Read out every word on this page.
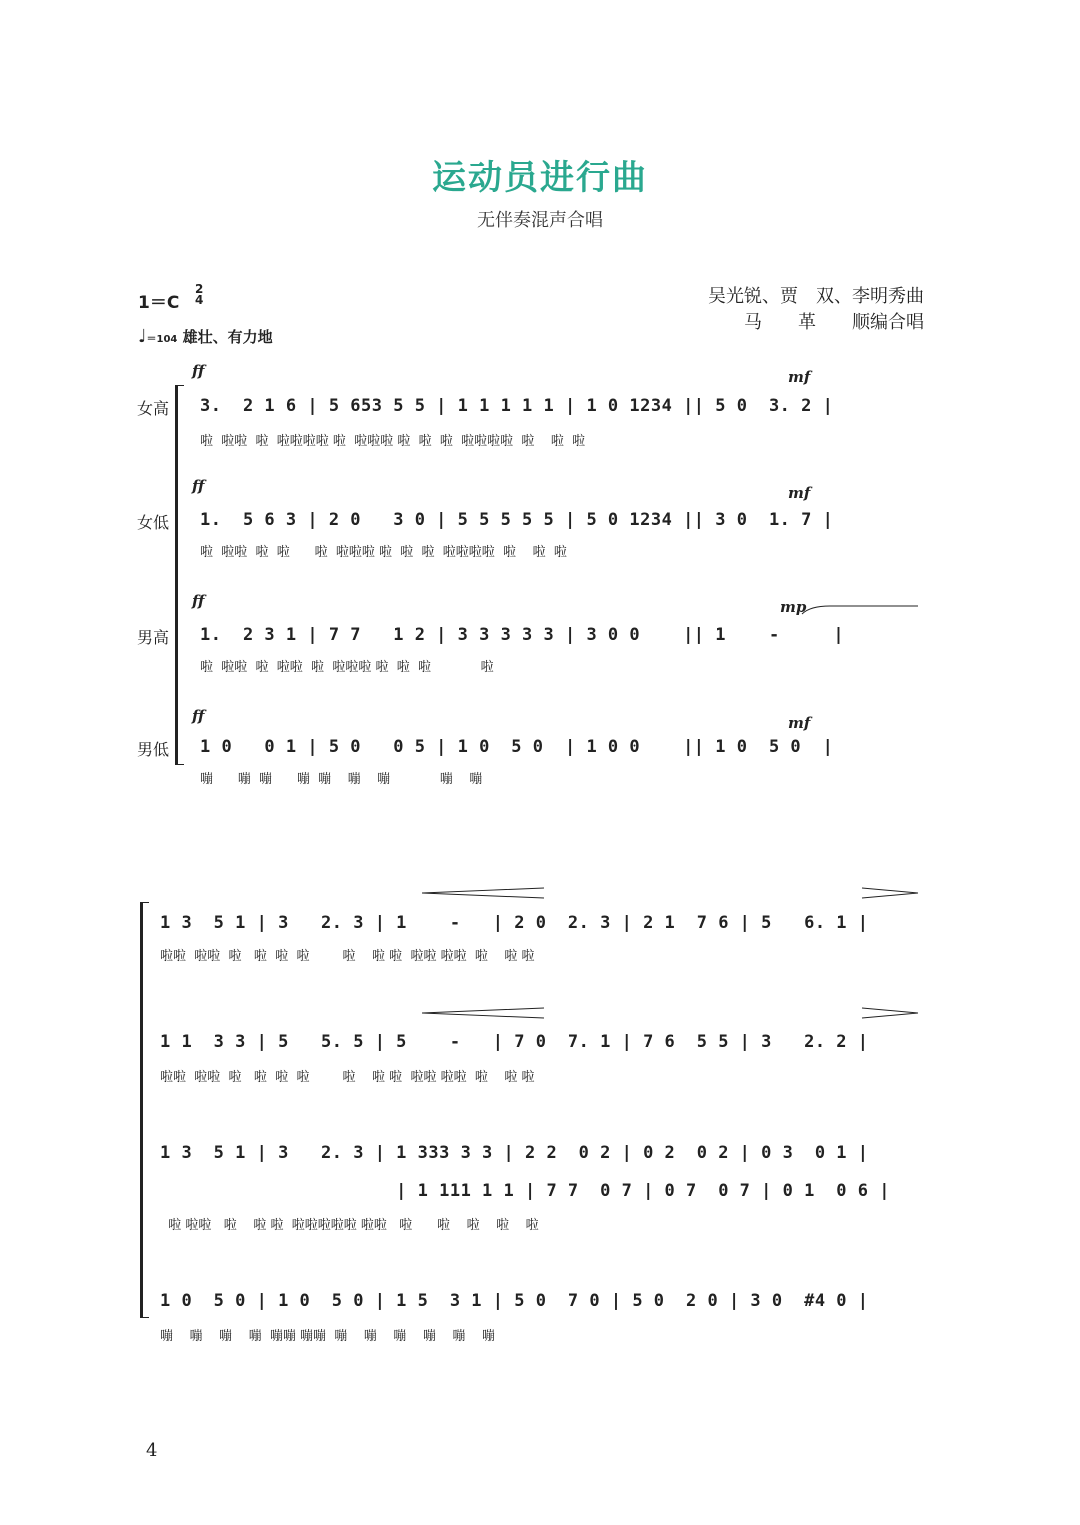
运动员进行曲
无伴奏混声合唱
1＝C
2
4
♩＝104 雄壮、有力地
吴光锐、贾　双、李明秀曲
马　　革　　顺编合唱
女高
女低
男高
男低
ff
ff
ff
ff
mf
mf
mp
mf
3.  2 1 6 | 5 653 5 5 | 1 1 1 1 1 | 1 0 1234 || 5 0  3. 2 |
啦  啦啦  啦  啦啦啦啦 啦  啦啦啦 啦  啦  啦  啦啦啦啦  啦    啦  啦
1.  5 6 3 | 2 0   3 0 | 5 5 5 5 5 | 5 0 1234 || 3 0  1. 7 |
啦  啦啦  啦  啦      啦  啦啦啦 啦  啦  啦  啦啦啦啦  啦    啦  啦
1.  2 3 1 | 7 7   1 2 | 3 3 3 3 3 | 3 0 0    || 1    -     |
啦  啦啦  啦  啦啦  啦  啦啦啦 啦  啦  啦            啦
1 0   0 1 | 5 0   0 5 | 1 0  5 0  | 1 0 0    || 1 0  5 0  |
嘣      嘣  嘣      嘣  嘣    嘣    嘣            嘣    嘣
1 3  5 1 | 3   2. 3 | 1    -   | 2 0  2. 3 | 2 1  7 6 | 5   6. 1 |
啦啦  啦啦  啦   啦  啦  啦        啦    啦 啦  啦啦 啦啦  啦    啦 啦
1 1  3 3 | 5   5. 5 | 5    -   | 7 0  7. 1 | 7 6  5 5 | 3   2. 2 |
啦啦  啦啦  啦   啦  啦  啦        啦    啦 啦  啦啦 啦啦  啦    啦 啦
1 3  5 1 | 3   2. 3 | 1 333 3 3 | 2 2  0 2 | 0 2  0 2 | 0 3  0 1 |
| 1 111 1 1 | 7 7  0 7 | 0 7  0 7 | 0 1  0 6 |
啦 啦啦   啦    啦 啦  啦啦啦啦啦 啦啦   啦      啦    啦    啦    啦
1 0  5 0 | 1 0  5 0 | 1 5  3 1 | 5 0  7 0 | 5 0  2 0 | 3 0  #4 0 |
嘣    嘣    嘣    嘣  嘣嘣 嘣嘣  嘣    嘣    嘣    嘣    嘣    嘣
4
